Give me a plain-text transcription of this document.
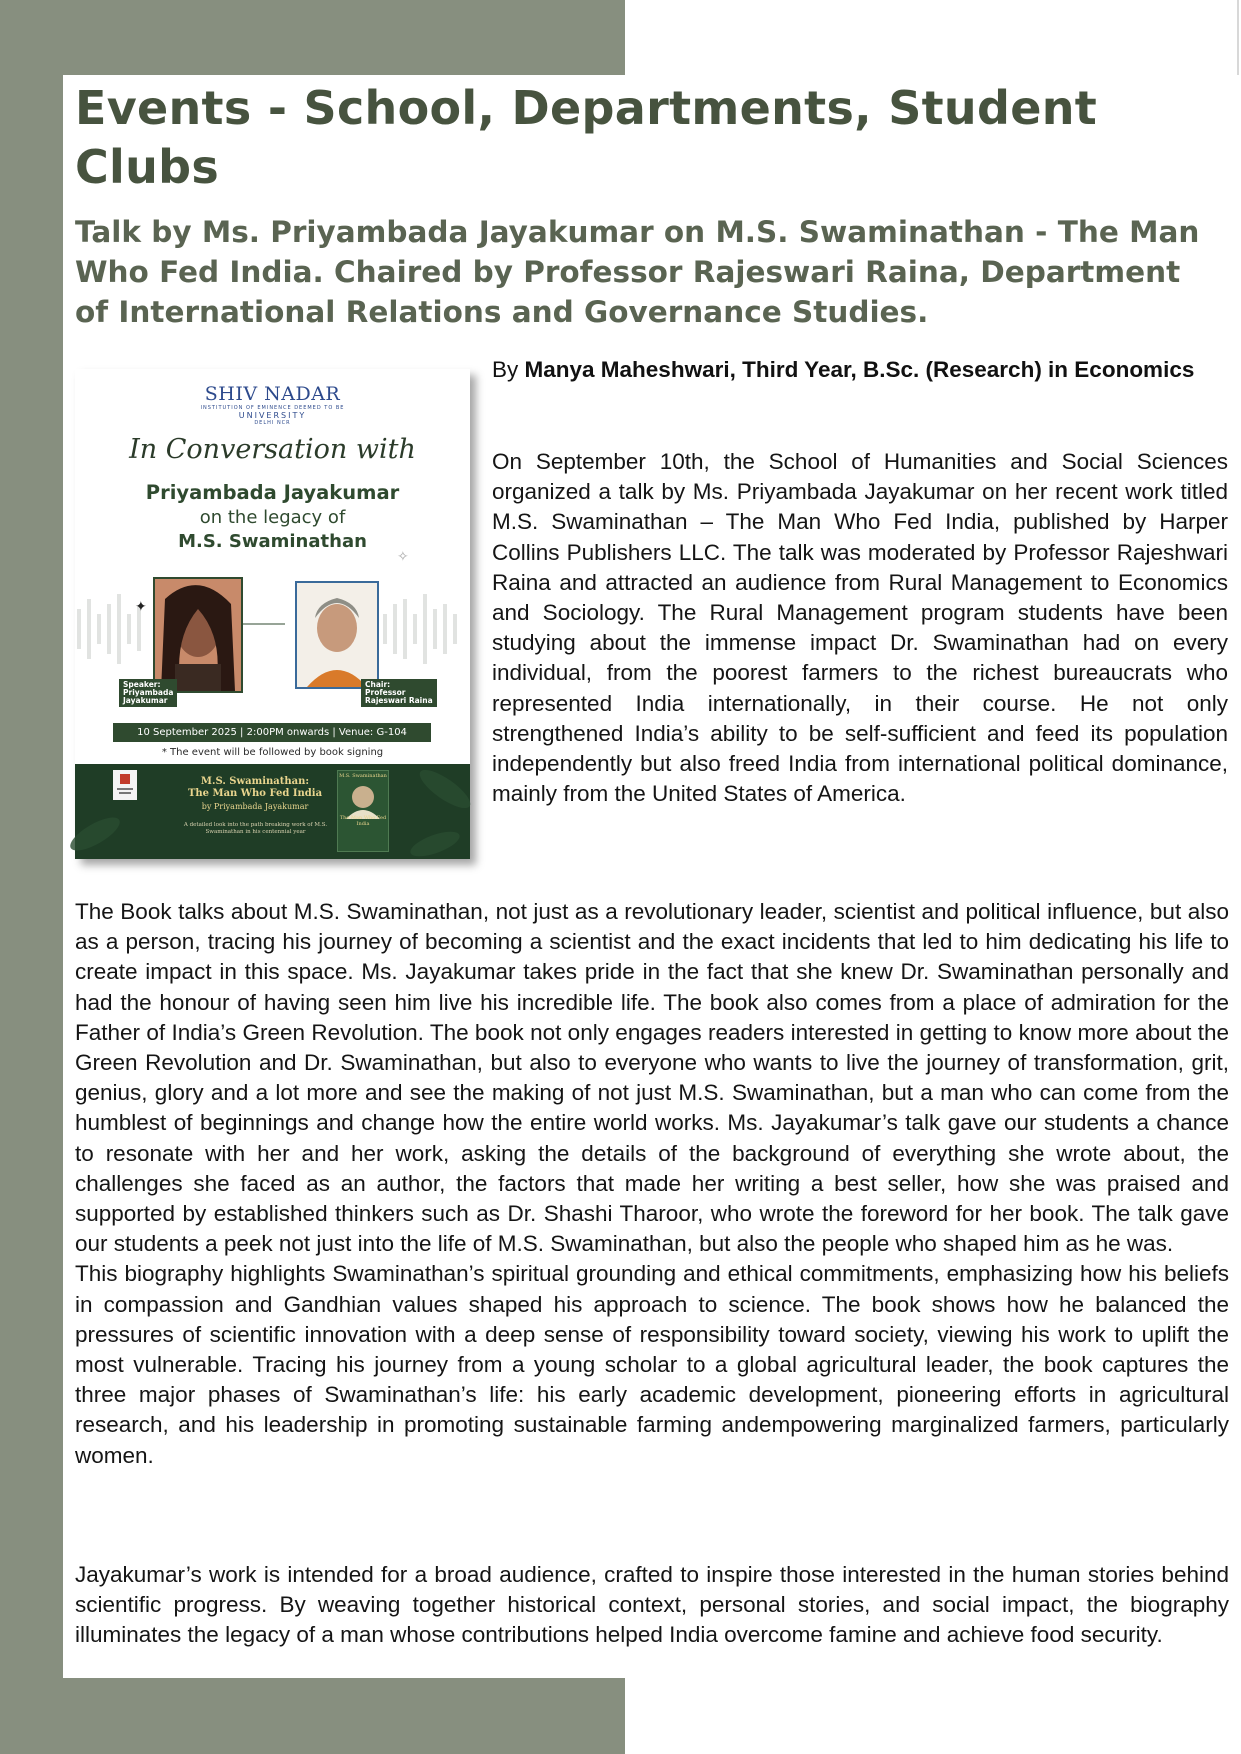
Events - School, Departments, Student Clubs
Talk by Ms. Priyambada Jayakumar on M.S. Swaminathan - The Man Who Fed India. Chaired by Professor Rajeswari Raina, Department of International Relations and Governance Studies.
SHIV NADAR
INSTITUTION OF EMINENCE DEEMED TO BE
UNIVERSITY
DELHI NCR
In Conversation with
Priyambada Jayakumar
on the legacy of
M.S. Swaminathan
✦
✧
Speaker:
Priyambada
Jayakumar
Chair:
Professor
Rajeswari Raina
10 September 2025 | 2:00PM onwards | Venue: G-104
* The event will be followed by book signing
M.S. Swaminathan:
The Man Who Fed India
by Priyambada Jayakumar
A detailed look into the path breaking work of M.S. Swaminathan in his centennial year
M.S. Swaminathan
The Man Who Fed India

By Manya Maheshwari, Third Year, B.Sc. (Research) in Economics

On September 10th, the School of Humanities and Social Sciences organized a talk by Ms. Priyambada Jayakumar on her recent work titled M.S. Swaminathan – The Man Who Fed India, published by Harper Collins Publishers LLC. The talk was moderated by Professor Rajeshwari Raina and attracted an audience from Rural Management to Economics and Sociology. The Rural Management program students have been studying about the immense impact Dr. Swaminathan had on every individual, from the poorest farmers to the richest bureaucrats who represented India internationally, in their course. He not only strengthened India’s ability to be self-sufficient and feed its population independently but also freed India from international political dominance, mainly from the United States of America.

The Book talks about M.S. Swaminathan, not just as a revolutionary leader, scientist and political influence, but also as a person, tracing his journey of becoming a scientist and the exact incidents that led to him dedicating his life to create impact in this space. Ms. Jayakumar takes pride in the fact that she knew Dr. Swaminathan personally and had the honour of having seen him live his incredible life. The book also comes from a place of admiration for the Father of India’s Green Revolution. The book not only engages readers interested in getting to know more about the Green Revolution and Dr. Swaminathan, but also to everyone who wants to live the journey of transformation, grit, genius, glory and a lot more and see the making of not just M.S. Swaminathan, but a man who can come from the humblest of beginnings and change how the entire world works. Ms. Jayakumar’s talk gave our students a chance to resonate with her and her work, asking the details of the background of everything she wrote about, the challenges she faced as an author, the factors that made her writing a best seller, how she was praised and supported by established thinkers such as Dr. Shashi Tharoor, who wrote the foreword for her book. The talk gave our students a peek not just into the life of M.S. Swaminathan, but also the people who shaped him as he was.

This biography highlights Swaminathan’s spiritual grounding and ethical commitments, emphasizing how his beliefs in compassion and Gandhian values shaped his approach to science. The book shows how he balanced the pressures of scientific innovation with a deep sense of responsibility toward society, viewing his work to uplift the most vulnerable. Tracing his journey from a young scholar to a global agricultural leader, the book captures the three major phases of Swaminathan’s life: his early academic development, pioneering efforts in agricultural research, and his leadership in promoting sustainable farming andempowering marginalized farmers, particularly women.

Jayakumar’s work is intended for a broad audience, crafted to inspire those interested in the human stories behind scientific progress. By weaving together historical context, personal stories, and social impact, the biography illuminates the legacy of a man whose contributions helped India overcome famine and achieve food security.
